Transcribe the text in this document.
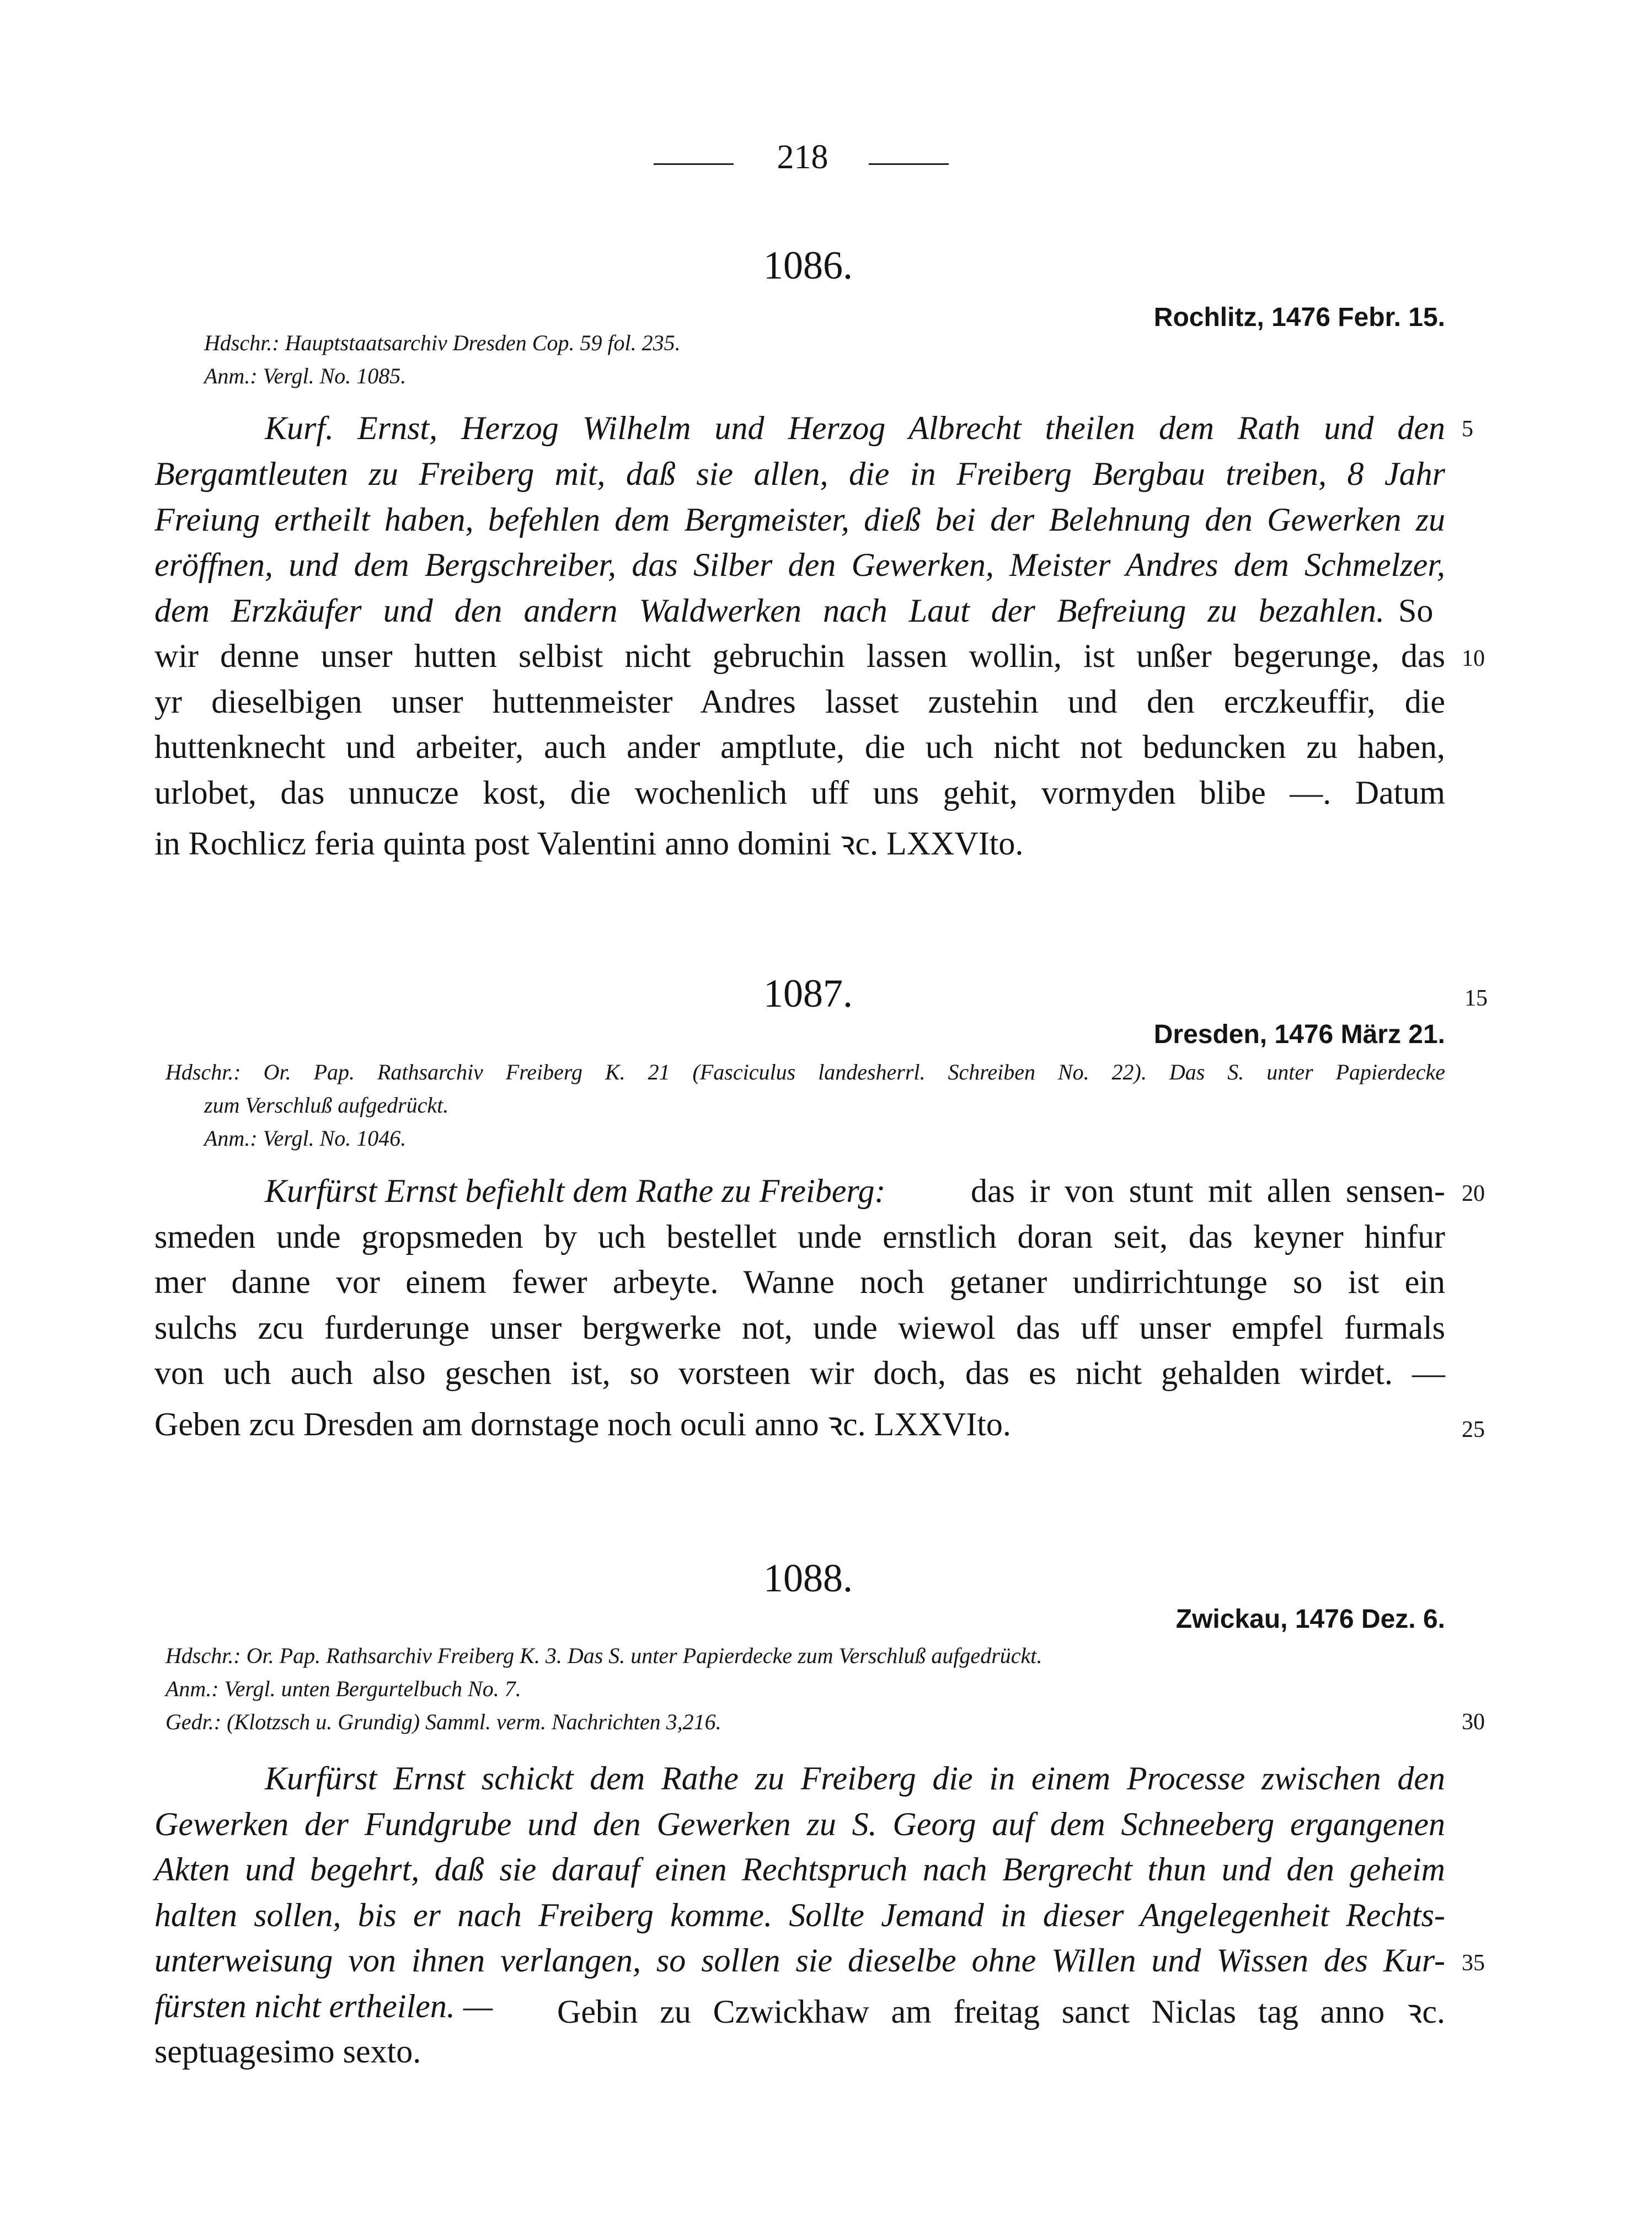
218
1086.
Rochlitz, 1476 Febr. 15.
Hdschr.: Hauptstaatsarchiv Dresden Cop. 59 fol. 235.
Anm.: Vergl. No. 1085.
Kurf. Ernst, Herzog Wilhelm und Herzog Albrecht theilen dem Rath und den 5
Bergamtleuten zu Freiberg mit, daß sie allen, die in Freiberg Bergbau treiben, 8 Jahr
Freiung ertheilt haben, befehlen dem Bergmeister, dieß bei der Belehnung den Gewerken zu
eröffnen, und dem Bergschreiber, das Silber den Gewerken, Meister Andres dem Schmelzer,
dem Erzkäufer und den andern Waldwerken nach Laut der Befreiung zu bezahlen. So
wir denne unser hutten selbist nicht gebruchin lassen wollin, ist unßer begerunge, das 10
yr dieselbigen unser huttenmeister Andres lasset zustehin und den erczkeuffir, die
huttenknecht und arbeiter, auch ander amptlute, die uch nicht not beduncken zu haben,
urlobet, das unnucze kost, die wochenlich uff uns gehit, vormyden blibe —. Datum
in Rochlicz feria quinta post Valentini anno domini ꝛc. LXXVIto.
1087.	15
Dresden, 1476 März 21.
Hdschr.: Or. Pap. Rathsarchiv Freiberg K. 21 (Fasciculus landesherrl. Schreiben No. 22). Das S. unter Papierdecke
zum Verschluß aufgedrückt.
Anm.: Vergl. No. 1046.
Kurfürst Ernst befiehlt dem Rathe zu Freiberg:	das ir von stunt mit allen sensen- 20
smeden unde gropsmeden by uch bestellet unde ernstlich doran seit, das keyner hinfur
mer danne vor einem fewer arbeyte. Wanne noch getaner undirrichtunge so ist ein
sulchs zcu furderunge unser bergwerke not, unde wiewol das uff unser empfel furmals
von uch auch also geschen ist, so vorsteen wir doch, das es nicht gehalden wirdet. —
Geben zcu Dresden am dornstage noch oculi anno ꝛc. LXXVIto.	25
1088.
Zwickau, 1476 Dez. 6.
Hdschr.: Or. Pap. Rathsarchiv Freiberg K. 3. Das S. unter Papierdecke zum Verschluß aufgedrückt.
Anm.: Vergl. unten Bergurtelbuch No. 7.
Gedr.: (Klotzsch u. Grundig) Samml. verm. Nachrichten 3,216.	30
Kurfürst Ernst schickt dem Rathe zu Freiberg die in einem Processe zwischen den
Gewerken der Fundgrube und den Gewerken zu S. Georg auf dem Schneeberg ergangenen
Akten und begehrt, daß sie darauf einen Rechtspruch nach Bergrecht thun und den geheim
halten sollen, bis er nach Freiberg komme. Sollte Jemand in dieser Angelegenheit Rechts-
unterweisung von ihnen verlangen, so sollen sie dieselbe ohne Willen und Wissen des Kur- 35
fürsten nicht ertheilen. — Gebin zu Czwickhaw am freitag sanct Niclas tag anno ꝛc.
septuagesimo sexto.
